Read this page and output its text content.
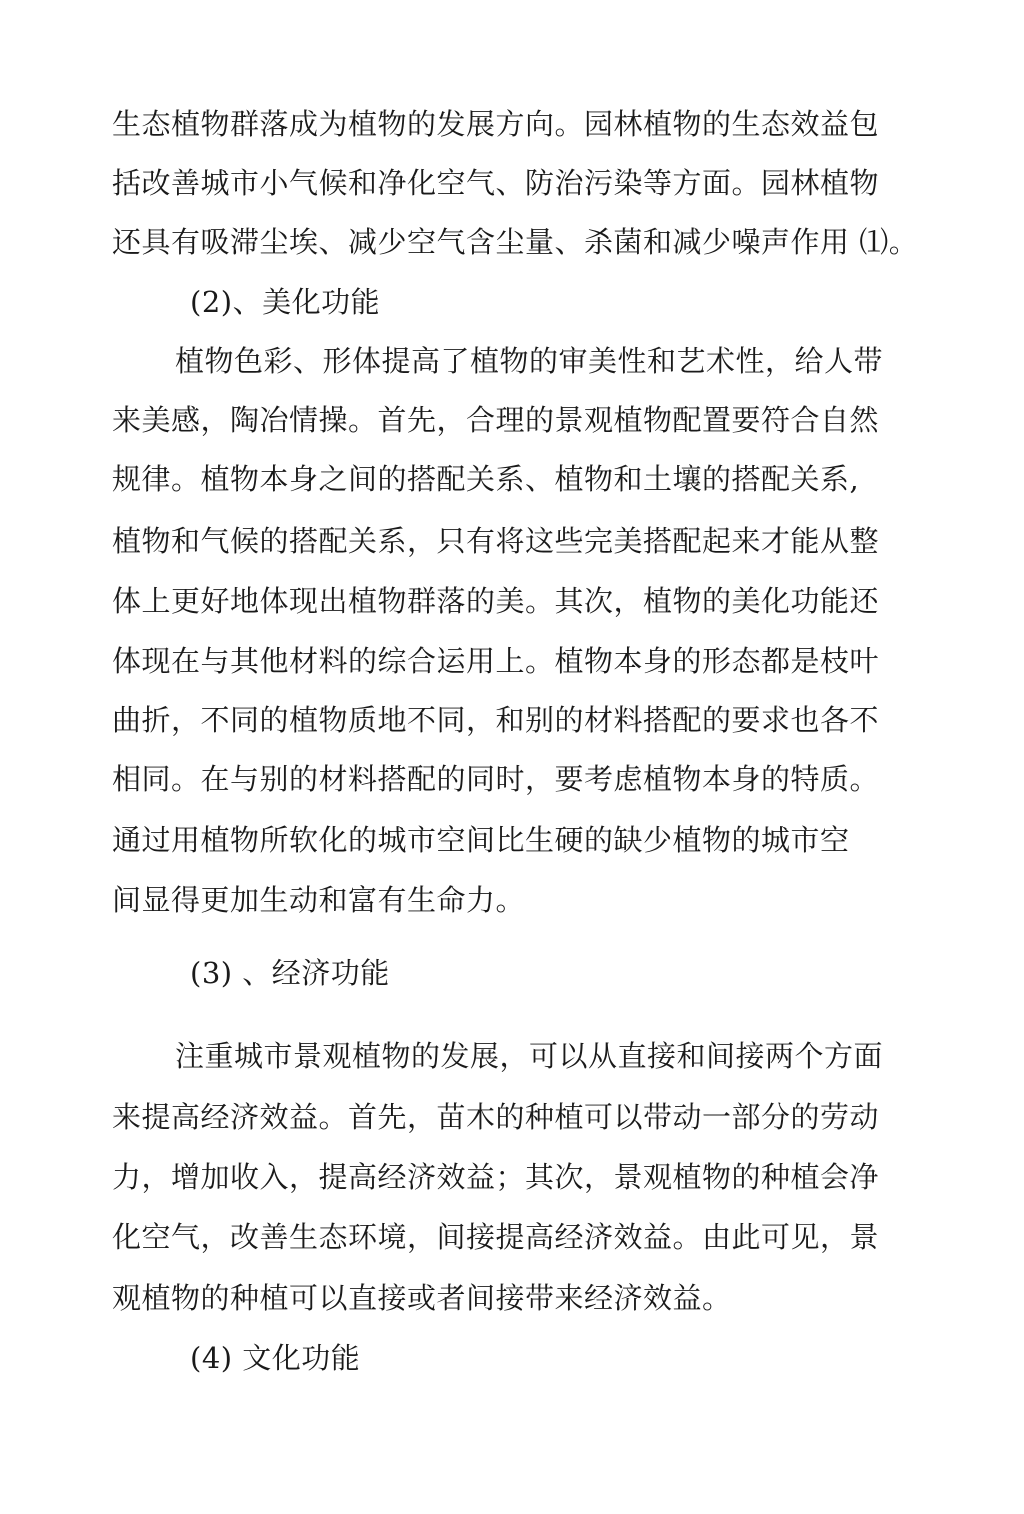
生态植物群落成为植物的发展方向。园林植物的生态效益包
括改善城市小气候和净化空气、防治污染等方面。园林植物
还具有吸滞尘埃、减少空气含尘量、杀菌和减少噪声作用 ⑴。
(2)、美化功能
植物色彩、形体提高了植物的审美性和艺术性，给人带
来美感，陶冶情操。首先，合理的景观植物配置要符合自然
规律。植物本身之间的搭配关系、植物和土壤的搭配关系,
植物和气候的搭配关系，只有将这些完美搭配起来才能从整
体上更好地体现出植物群落的美。其次，植物的美化功能还
体现在与其他材料的综合运用上。植物本身的形态都是枝叶
曲折，不同的植物质地不同，和别的材料搭配的要求也各不
相同。在与别的材料搭配的同时，要考虑植物本身的特质。
通过用植物所软化的城市空间比生硬的缺少植物的城市空
间显得更加生动和富有生命力。
(3) 、经济功能
注重城市景观植物的发展，可以从直接和间接两个方面
来提高经济效益。首先，苗木的种植可以带动一部分的劳动
力，增加收入，提高经济效益；其次，景观植物的种植会净
化空气，改善生态环境，间接提高经济效益。由此可见，景
观植物的种植可以直接或者间接带来经济效益。
(4) 文化功能
